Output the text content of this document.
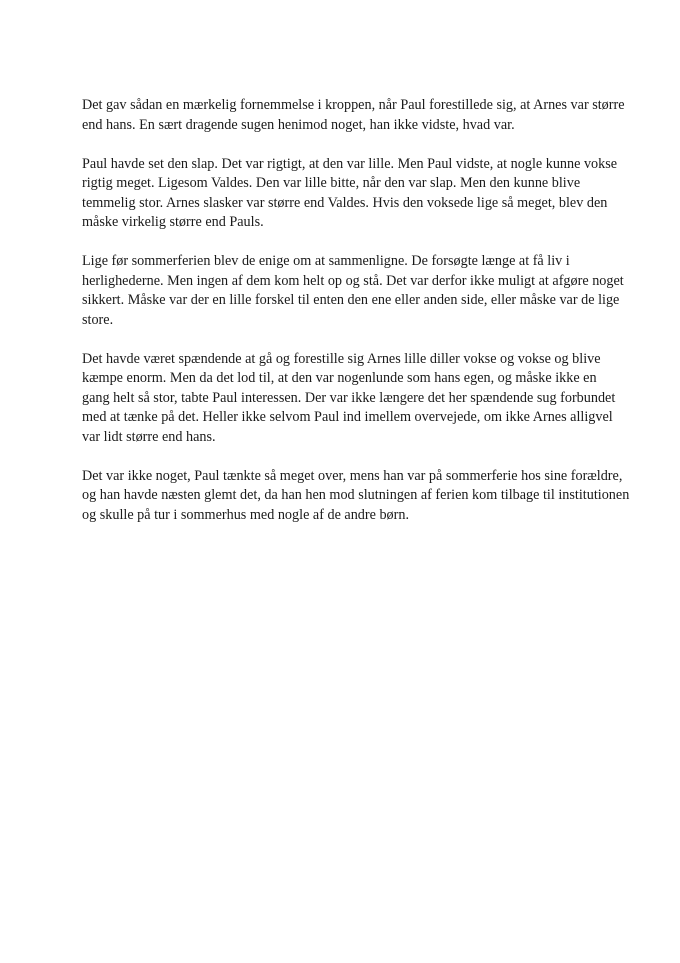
Det gav sådan en mærkelig fornemmelse i kroppen, når Paul forestillede sig, at Arnes var større
end hans. En sært dragende sugen henimod noget, han ikke vidste, hvad var.

Paul havde set den slap. Det var rigtigt, at den var lille. Men Paul vidste, at nogle kunne vokse
rigtig meget. Ligesom Valdes. Den var lille bitte, når den var slap. Men den kunne blive
temmelig stor. Arnes slasker var større end Valdes. Hvis den voksede lige så meget, blev den
måske virkelig større end Pauls.

Lige før sommerferien blev de enige om at sammenligne. De forsøgte længe at få liv i
herlighederne. Men ingen af dem kom helt op og stå. Det var derfor ikke muligt at afgøre noget
sikkert. Måske var der en lille forskel til enten den ene eller anden side, eller måske var de lige
store.

Det havde været spændende at gå og forestille sig Arnes lille diller vokse og vokse og blive
kæmpe enorm. Men da det lod til, at den var nogenlunde som hans egen, og måske ikke en
gang helt så stor, tabte Paul interessen. Der var ikke længere det her spændende sug forbundet
med at tænke på det. Heller ikke selvom Paul ind imellem overvejede, om ikke Arnes alligvel
var lidt større end hans.

Det var ikke noget, Paul tænkte så meget over, mens han var på sommerferie hos sine forældre,
og han havde næsten glemt det, da han hen mod slutningen af ferien kom tilbage til institutionen
og skulle på tur i sommerhus med nogle af de andre børn.
